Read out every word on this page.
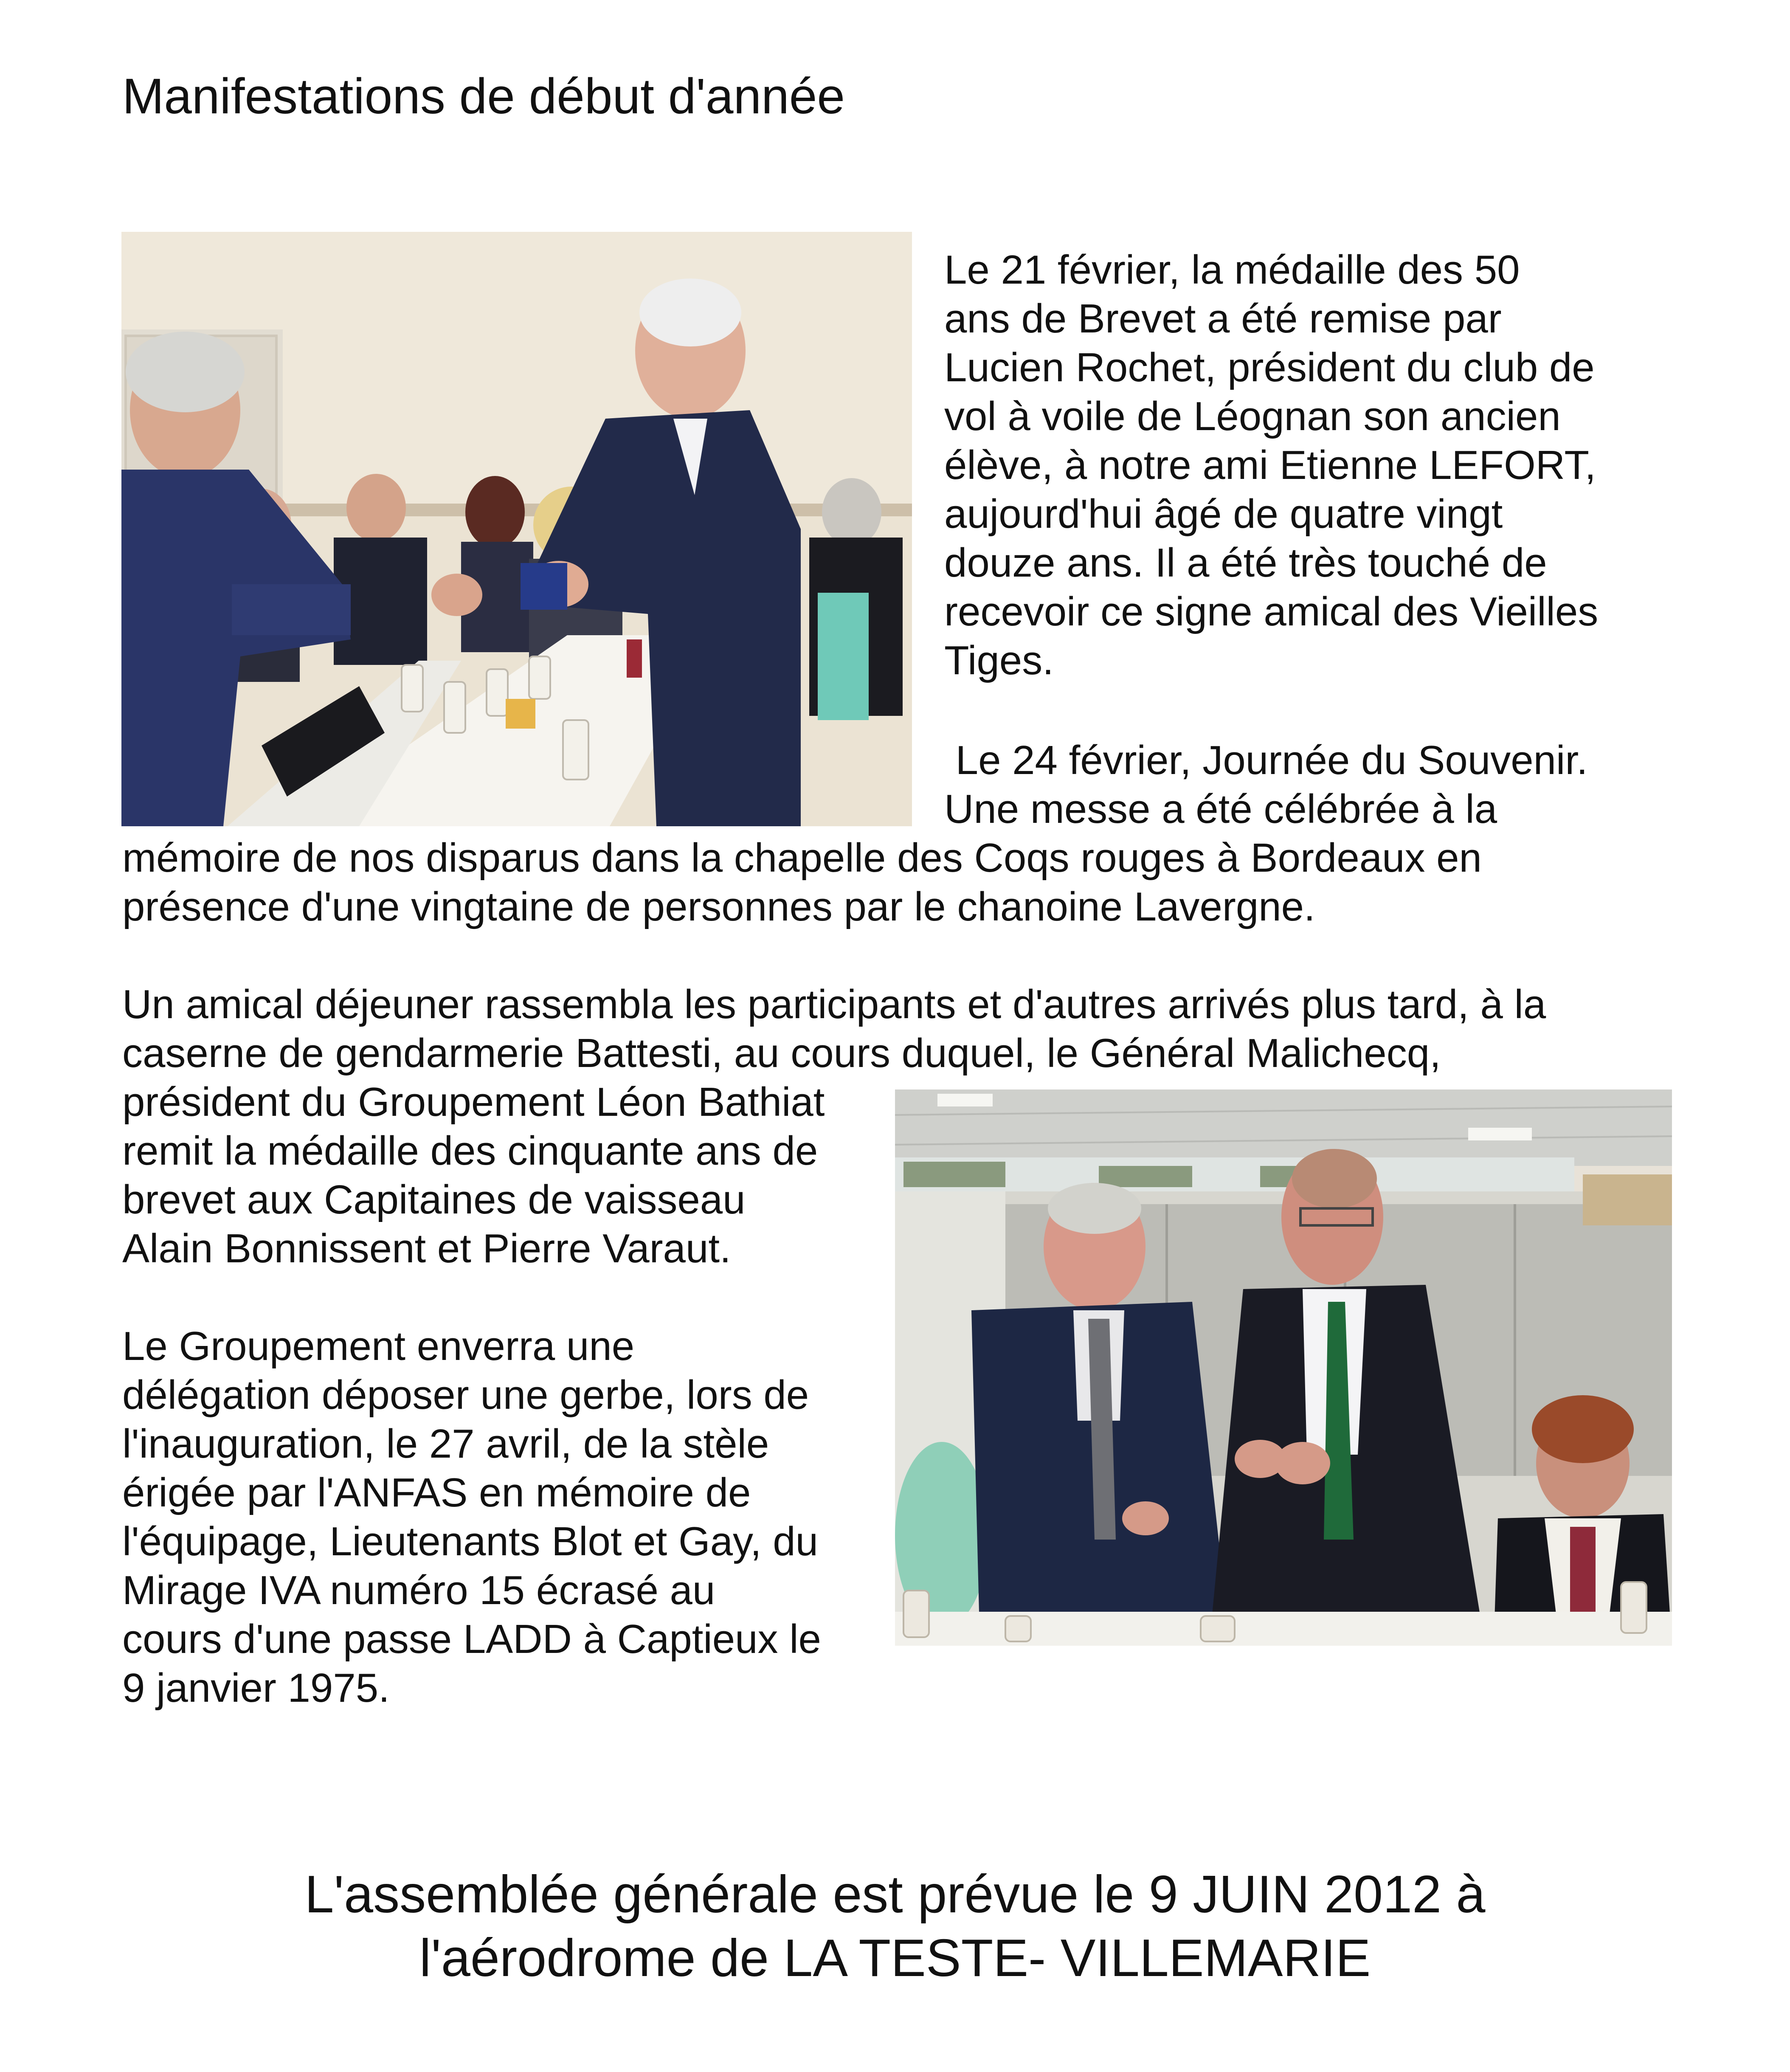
Manifestations de début d'année

Le 21 février, la médaille des 50

ans de Brevet a été remise par

Lucien Rochet, président du club de

vol à voile de Léognan son ancien

élève, à notre ami Etienne LEFORT,

aujourd'hui âgé de quatre vingt

douze ans. Il a été très touché de

recevoir ce signe amical des Vieilles

Tiges.

Le 24 février, Journée du Souvenir.

Une messe a été célébrée à la

mémoire de nos disparus dans la chapelle des Coqs rouges à Bordeaux en

présence d'une vingtaine de personnes par le chanoine Lavergne.

Un amical déjeuner rassembla les participants et d'autres arrivés plus tard, à la

caserne de gendarmerie Battesti, au cours duquel, le Général Malichecq,

président du Groupement Léon Bathiat

remit la médaille des cinquante ans de

brevet aux Capitaines de vaisseau

Alain Bonnissent et Pierre Varaut.

Le Groupement enverra une

délégation déposer une gerbe, lors de

l'inauguration, le 27 avril, de la stèle

érigée par l'ANFAS en mémoire de

l'équipage, Lieutenants Blot et Gay, du

Mirage IVA numéro 15 écrasé au

cours d'une passe LADD à Captieux le

9 janvier 1975.

L'assemblée générale est prévue le 9 JUIN 2012 à
l'aérodrome de LA TESTE- VILLEMARIE
